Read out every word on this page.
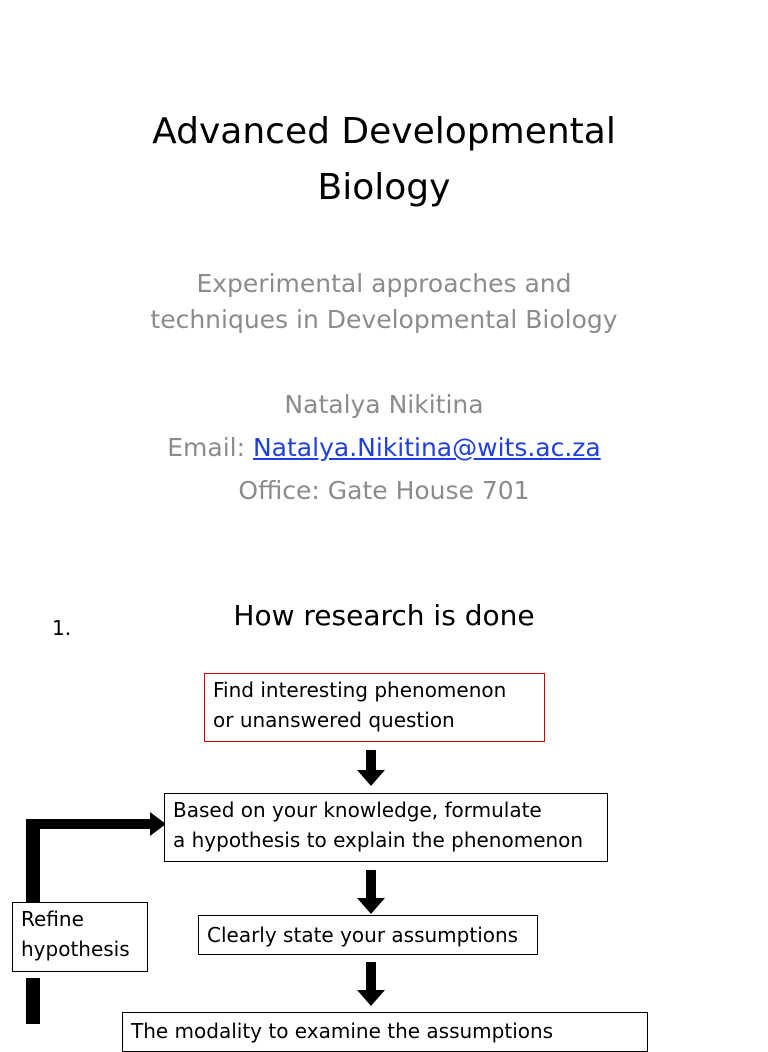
Advanced Developmental
Biology
Experimental approaches and
techniques in Developmental Biology
Natalya Nikitina
Email: Natalya.Nikitina@wits.ac.za
Office: Gate House 701
1.	How research is done
Find interesting phenomenon
or unanswered question
Based on your knowledge, formulate
a hypothesis to explain the phenomenon
Refine
hypothesis
Clearly state your assumptions
The modality to examine the assumptions
